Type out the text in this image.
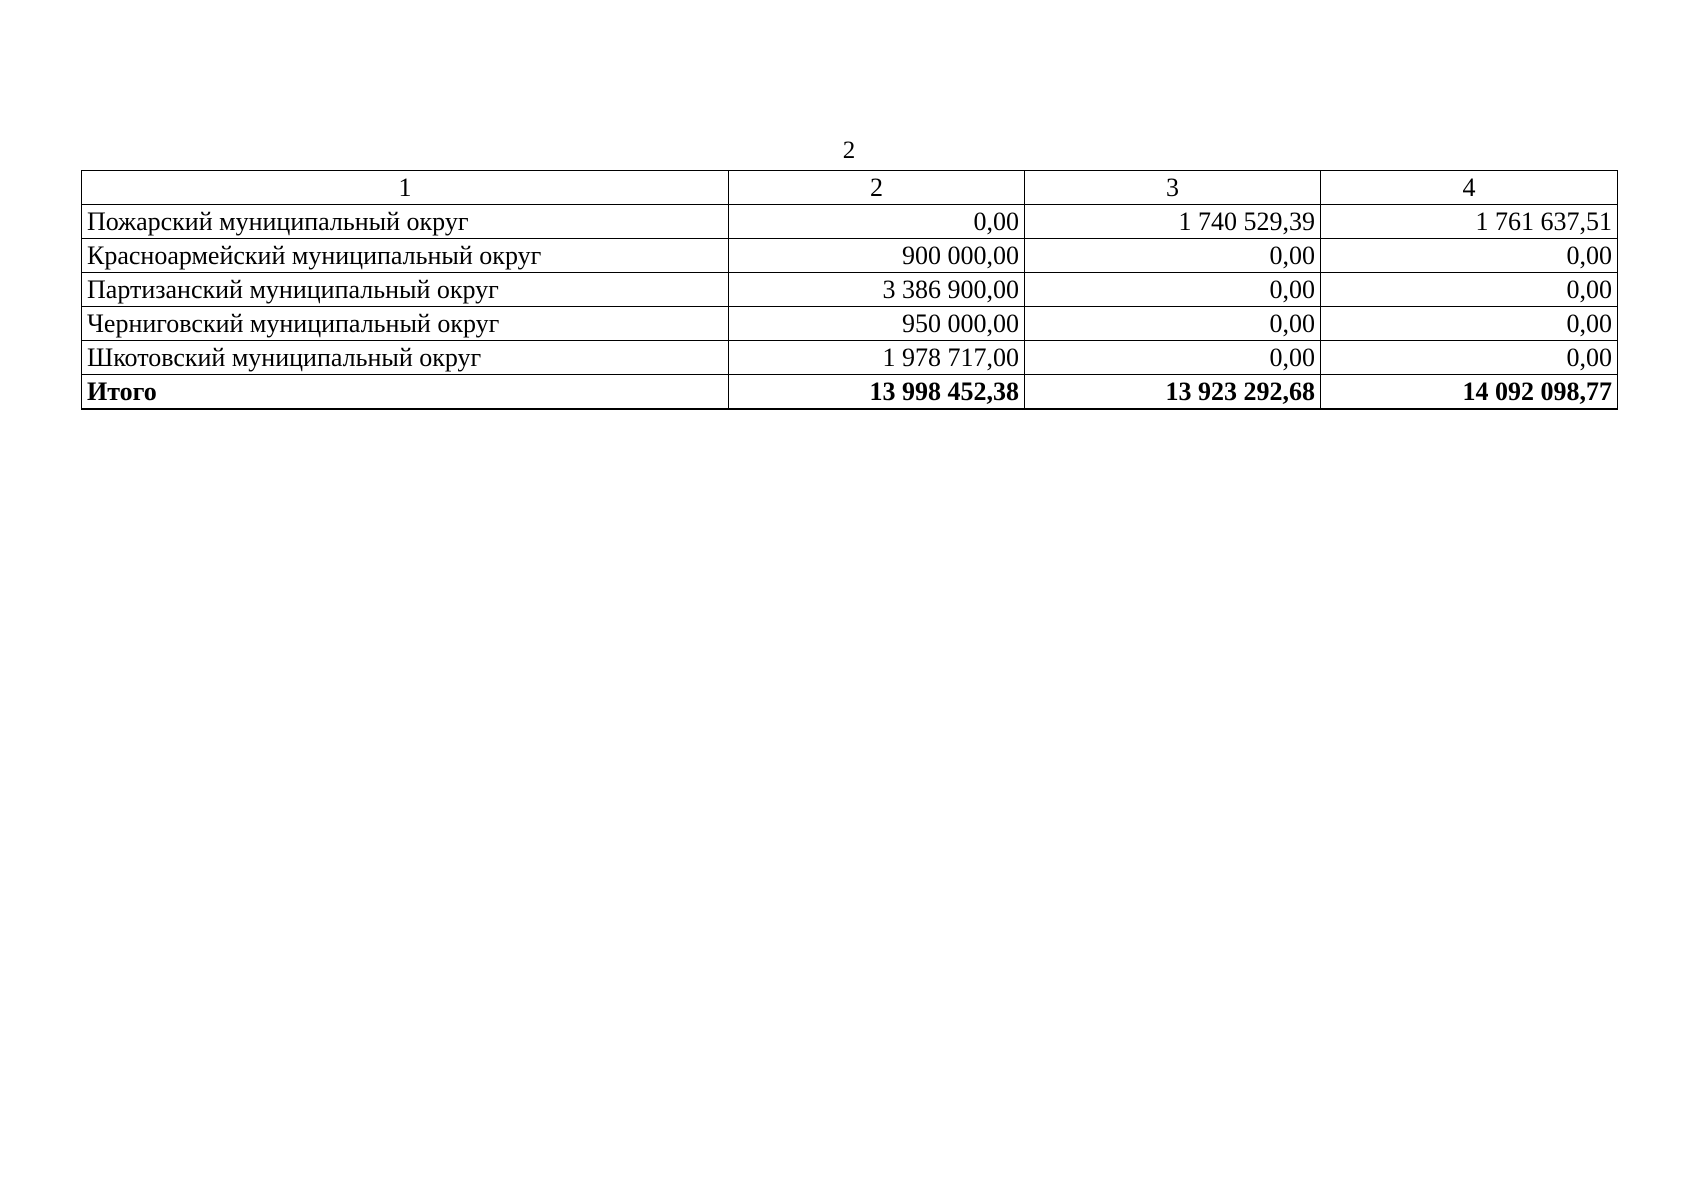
2
1	2	3	4
Пожарский муниципальный округ	0,00	1 740 529,39	1 761 637,51
Красноармейский муниципальный округ	900 000,00	0,00	0,00
Партизанский муниципальный округ	3 386 900,00	0,00	0,00
Черниговский муниципальный округ	950 000,00	0,00	0,00
Шкотовский муниципальный округ	1 978 717,00	0,00	0,00
Итого	13 998 452,38	13 923 292,68	14 092 098,77
